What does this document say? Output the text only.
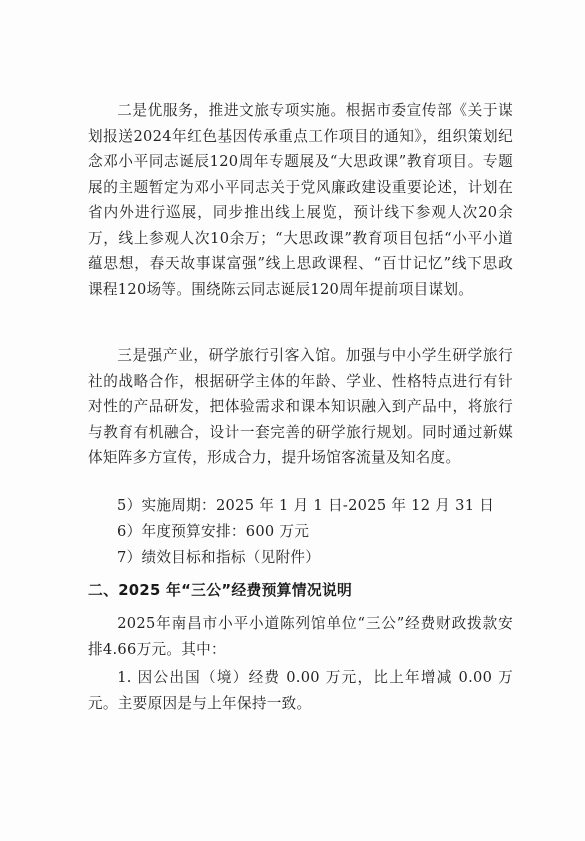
二是优服务，推进文旅专项实施。根据市委宣传部《关于谋划报送2024年红色基因传承重点工作项目的通知》，组织策划纪念邓小平同志诞辰120周年专题展及“大思政课”教育项目。专题展的主题暂定为邓小平同志关于党风廉政建设重要论述，计划在省内外进行巡展，同步推出线上展览，预计线下参观人次20余万，线上参观人次10余万；“大思政课”教育项目包括“小平小道蕴思想，春天故事谋富强”线上思政课程、“百廿记忆”线下思政课程120场等。围绕陈云同志诞辰120周年提前项目谋划。

三是强产业，研学旅行引客入馆。加强与中小学生研学旅行社的战略合作，根据研学主体的年龄、学业、性格特点进行有针对性的产品研发，把体验需求和课本知识融入到产品中，将旅行与教育有机融合，设计一套完善的研学旅行规划。同时通过新媒体矩阵多方宣传，形成合力，提升场馆客流量及知名度。

5）实施周期：2025 年 1 月 1 日-2025 年 12 月 31 日

6）年度预算安排：600 万元

7）绩效目标和指标（见附件）

二、2025 年“三公”经费预算情况说明

2025年南昌市小平小道陈列馆单位“三公”经费财政拨款安排4.66万元。其中：

1. 因公出国（境）经费 0.00 万元，比上年增减 0.00 万元。主要原因是与上年保持一致。
